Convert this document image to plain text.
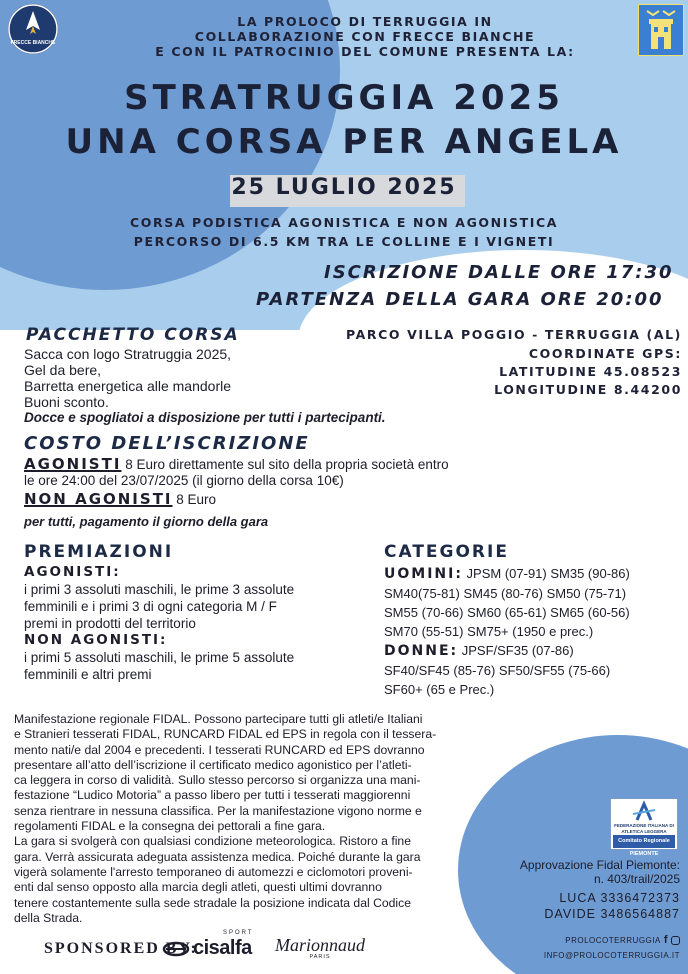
FRECCE BIANCHE
LA PROLOCO DI TERRUGGIA IN
COLLABORAZIONE CON FRECCE BIANCHE
E CON IL PATROCINIO DEL COMUNE PRESENTA LA:
STRATRUGGIA 2025
UNA CORSA PER ANGELA
25 LUGLIO 2025
CORSA PODISTICA AGONISTICA E NON AGONISTICA
PERCORSO DI 6.5 KM TRA LE COLLINE E I VIGNETI
ISCRIZIONE DALLE ORE 17:30
PARTENZA DELLA GARA ORE 20:00
PARCO VILLA POGGIO - TERRUGGIA (AL)
COORDINATE GPS:
LATITUDINE 45.08523
LONGITUDINE 8.44200
PACCHETTO CORSA
Sacca con logo Stratruggia 2025,
Gel da bere,
Barretta energetica alle mandorle
Buoni sconto.
Docce e spogliatoi a disposizione per tutti i partecipanti.
COSTO DELL’ISCRIZIONE
AGONISTI 8 Euro direttamente sul sito della propria società entro
le ore 24:00 del 23/07/2025 (il giorno della corsa 10€)
NON AGONISTI 8 Euro
per tutti, pagamento il giorno della gara
PREMIAZIONI
AGONISTI:
i primi 3 assoluti maschili, le prime 3 assolute
femminili e i primi 3 di ogni categoria M / F
premi in prodotti del territorio
NON AGONISTI:
i primi 5 assoluti maschili, le prime 5 assolute
femminili e altri premi
CATEGORIE
UOMINI: JPSM (07-91) SM35 (90-86)
SM40(75-81) SM45 (80-76) SM50 (75-71)
SM55 (70-66) SM60 (65-61) SM65 (60-56)
SM70 (55-51) SM75+ (1950 e prec.)
DONNE: JPSF/SF35 (07-86)
SF40/SF45 (85-76) SF50/SF55 (75-66)
SF60+ (65 e Prec.)
Manifestazione regionale FIDAL. Possono partecipare tutti gli atleti/e Italiani
e Stranieri tesserati FIDAL, RUNCARD FIDAL ed EPS in regola con il tessera-
mento nati/e dal 2004 e precedenti. I tesserati RUNCARD ed EPS dovranno
presentare all’atto dell’iscrizione il certificato medico agonistico per l’atleti-
ca leggera in corso di validità. Sullo stesso percorso si organizza una mani-
festazione “Ludico Motoria” a passo libero per tutti i tesserati maggiorenni
senza rientrare in nessuna classifica. Per la manifestazione vigono norme e
regolamenti FIDAL e la consegna dei pettorali a fine gara.
La gara si svolgerà con qualsiasi condizione meteorologica. Ristoro a fine
gara. Verrà assicurata adeguata assistenza medica. Poiché durante la gara
vigerà solamente l'arresto temporaneo di automezzi e ciclomotori proveni-
enti dal senso opposto alla marcia degli atleti, questi ultimi dovranno
tenere costantemente sulla sede stradale la posizione indicata dal Codice
della Strada.
FEDERAZIONE ITALIANA DI ATLETICA LEGGERA
Comitato Regionale PIEMONTE
Approvazione Fidal Piemonte:
n. 403/trail/2025
LUCA 3336472373
DAVIDE 3486564887
PROLOCOTERRUGGIA f
INFO@PROLOCOTERRUGGIA.IT
SPONSORED BY:
SPORT
cisalfa Marionnaud
PARIS
